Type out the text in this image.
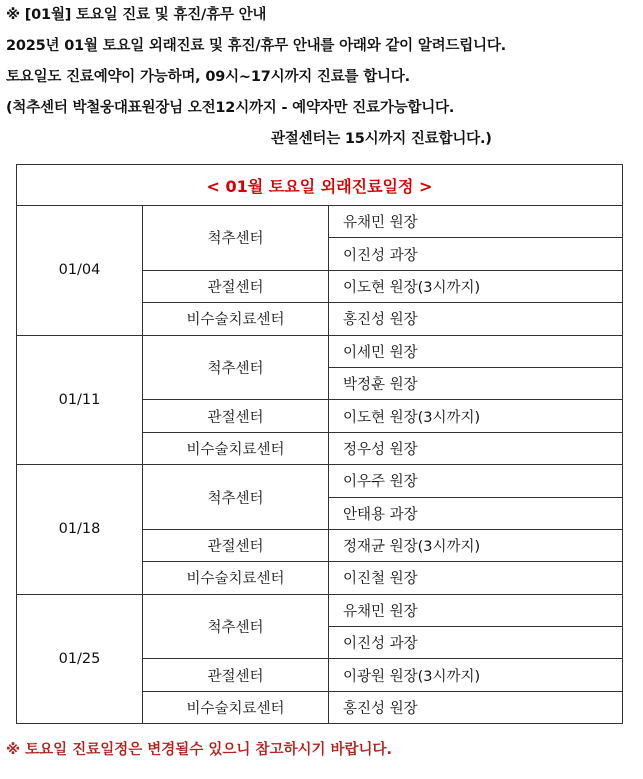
※ [01월] 토요일 진료 및 휴진/휴무 안내
2025년 01월 토요일 외래진료 및 휴진/휴무 안내를 아래와 같이 알려드립니다.
토요일도 진료예약이 가능하며, 09시~17시까지 진료를 합니다.
(척추센터 박철웅대표원장님 오전12시까지 - 예약자만 진료가능합니다.
관절센터는 15시까지 진료합니다.)
< 01월 토요일 외래진료일정 >		
01/04	척추센터	유채민 원장
		이진성 과장
	관절센터	이도현 원장(3시까지)
	비수술치료센터	홍진성 원장
01/11	척추센터	이세민 원장
		박정훈 원장
	관절센터	이도현 원장(3시까지)
	비수술치료센터	정우성 원장
01/18	척추센터	이우주 원장
		안태용 과장
	관절센터	정재균 원장(3시까지)
	비수술치료센터	이진철 원장
01/25	척추센터	유채민 원장
		이진성 과장
	관절센터	이광원 원장(3시까지)
	비수술치료센터	홍진성 원장
※ 토요일 진료일정은 변경될수 있으니 참고하시기 바랍니다.
